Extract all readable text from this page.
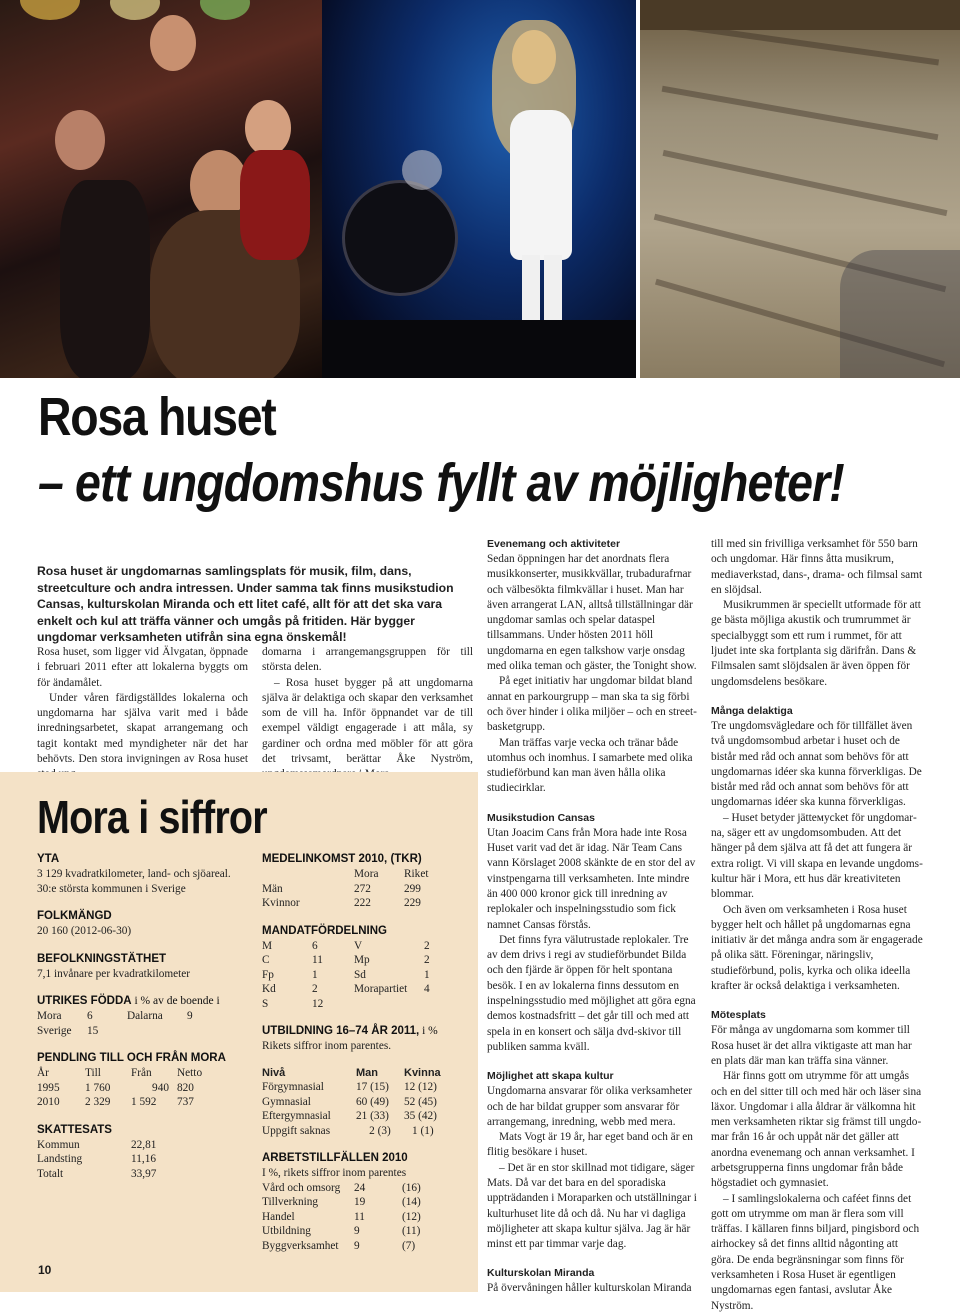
Rosa huset
– ett ungdomshus fyllt av möjligheter!

Rosa huset är ungdomarnas samlingsplats för musik, film, dans, streetculture och andra intressen. Under samma tak finns musikstudion Cansas, kulturskolan Miranda och ett litet café, allt för att det ska vara enkelt och kul att träffa vänner och umgås på fritiden. Här bygger ungdomar verksamheten utifrån sina egna önskemål!

Rosa huset, som ligger vid Älvgatan, öppnade i februari 2011 efter att lokalerna byggts om för ändamålet.

Under våren färdigställdes lokalerna och ungdomarna har själva varit med i både inredningsarbetet, skapat arrangemang och tagit kontakt med myndigheter när det har behövts. Den stora invigningen av Rosa huset

domarna i arrangemangsgruppen för till största delen.

– Rosa huset bygger på att ungdomarna själva är delaktiga och skapar den verksamhet som de vill ha. Inför öppnandet var de till exempel väldigt engagerade i att måla, sy gardiner och ordna med möbler för att göra det trivsamt, berättar Åke Nyström,

Evenemang och aktiviteter

Sedan öppningen har det anordnats flera musikkonserter, musikkvällar, trubadurafrnar och välbesökta filmkvällar i huset. Man har även arrangerat LAN, alltså tillställningar där ungdomar samlas och spelar dataspel tillsammans. Under hösten 2011 höll ungdomarna en egen talkshow varje onsdag med olika teman och gäster, the Tonight show.

På eget initiativ har ungdomar bildat bland annat en parkourgrupp – man ska ta sig förbi och över hinder i olika miljöer – och en streetbasketgrupp.

Man träffas varje vecka och tränar både utomhus och inomhus. I samarbete med olika studieförbund kan man även hålla olika studiecirklar.

Musikstudion Cansas

Utan Joacim Cans från Mora hade inte Rosa Huset varit vad det är idag. När Team Cans vann Körslaget 2008 skänkte de en stor del av vinstpengarna till verksamheten. Inte mindre än 400 000 kronor gick till inredning av replokaler och inspelningsstudio som fick namnet Cansas förstås.

Det finns fyra välutrustade replokaler. Tre av dem drivs i regi av studieförbundet Bilda och den fjärde är öppen för helt spontana besök. I en av lokalerna finns dessutom en inspelningsstudio med möjlighet att göra egna demos kostnadsfritt – det går till och med att spela in en konsert och sälja dvd-skivor till publiken samma kväll.

Möjlighet att skapa kultur

Ungdomarna ansvarar för olika verksamheter och de har bildat grupper som ansvarar för arrangemang, inredning, webb med mera.

Mats Vogt är 19 år, har eget band och är en flitig besökare i huset.

– Det är en stor skillnad mot tidigare, säger Mats. Då var det bara en del sporadiska uppträdanden i Moraparken och utställningar i kulturhuset lite då och då. Nu har vi dagliga möjligheter att skapa kultur själva. Jag är här minst ett par timmar varje dag.

Kulturskolan Miranda

På övervåningen håller kulturskolan Miranda

till med sin frivilliga verksamhet för 550 barn och ungdomar. Här finns åtta musikrum, mediaverkstad, dans-, drama- och filmsal samt en slöjdsal.

Musikrummen är speciellt utformade för att ge bästa möjliga akustik och trumrummet är specialbyggt som ett rum i rummet, för att ljudet inte ska fortplanta sig därifrån. Dans & Filmsalen samt slöjdsalen är även öppen för ungdomsdelens besökare.

Många delaktiga

Tre ungdomsvägledare och för tillfället även två ungdomsombud arbetar i huset och de bistår med råd och annat som behövs för att ungdomarnas idéer ska kunna förverkligas. De bistår med råd och annat som behövs för att ungdomarnas idéer ska kunna förverkligas.

– Huset betyder jätteмycket för ungdomarna, säger ett av ungdomsombuden. Att det hänger på dem själva att få det att fungera är extra roligt. Vi vill skapa en levande ungdomskultur här i Mora, ett hus där kreativiteten blommar.

Och även om verksamheten i Rosa huset bygger helt och hållet på ungdomarnas egna initiativ är det många andra som är engagerade på olika sätt. Föreningar, näringsliv, studieförbund, polis, kyrka och olika ideella krafter är också delaktiga i verksamheten.

Mötesplats

För många av ungdomarna som kommer till Rosa huset är det allra viktigaste att man har en plats där man kan träffa sina vänner.

Här finns gott om utrymme för att umgås och en del sitter till och med här och läser sina läxor. Ungdomar i alla åldrar är välkomna hit men verksamheten riktar sig främst till ungdomar från 16 år och uppåt när det gäller att anordna evenemang och annan verksamhet. I arbetsgrupperna finns ungdomar från både högstadiet och gymnasiet.

– I samlingslokalerna och caféet finns det gott om utrymme om man är flera som vill träffas. I källaren finns biljard, pingisbord och airhockey så det finns alltid någonting att göra. De enda begränsningar som finns för verksamheten i Rosa Huset är egentligen ungdomarnas egen fantasi, avslutar Åke Nyström.

Mora i siffror

YTA

3 129 kvadratkilometer, land- och sjöareal. 30:e största kommunen i Sverige

FOLKMÄNGD

20 160 (2012-06-30)

BEFOLKNINGSTÄTHET

7,1 invånare per kvadratkilometer

UTRIKES FÖDDA i % av de boende i

Mora	6	Dalarna	9
Sverige	15		

PENDLING TILL OCH FRÅN MORA

År	Till	Från	Netto
1995	1 760	940	820
2010	2 329	1 592	737

SKATTESATS

Kommun	22,81
Landsting	11,16
Totalt	33,97

MEDELINKOMST 2010, (TKR)

	Mora	Riket
Män	272	299
Kvinnor	222	229

MANDATFÖRDELNING

M	6	V	2
C	11	Mp	2
Fp	1	Sd	1
Kd	2	Morapartiet	4
S	12		

UTBILDNING 16–74 ÅR 2011, i %

Rikets siffror inom parentes.

Nivå	Man	Kvinna
Förgymnasial	17 (15)	12 (12)
Gymnasial	60 (49)	52 (45)
Eftergymnasial	21 (33)	35 (42)
Uppgift saknas	2 (3)	1 (1)

ARBETSTILLFÄLLEN 2010

I %, rikets siffror inom parentes

Vård och omsorg	24	(16)
Tillverkning	19	(14)
Handel	11	(12)
Utbildning	9	(11)
Byggverksamhet	9	(7)

10
